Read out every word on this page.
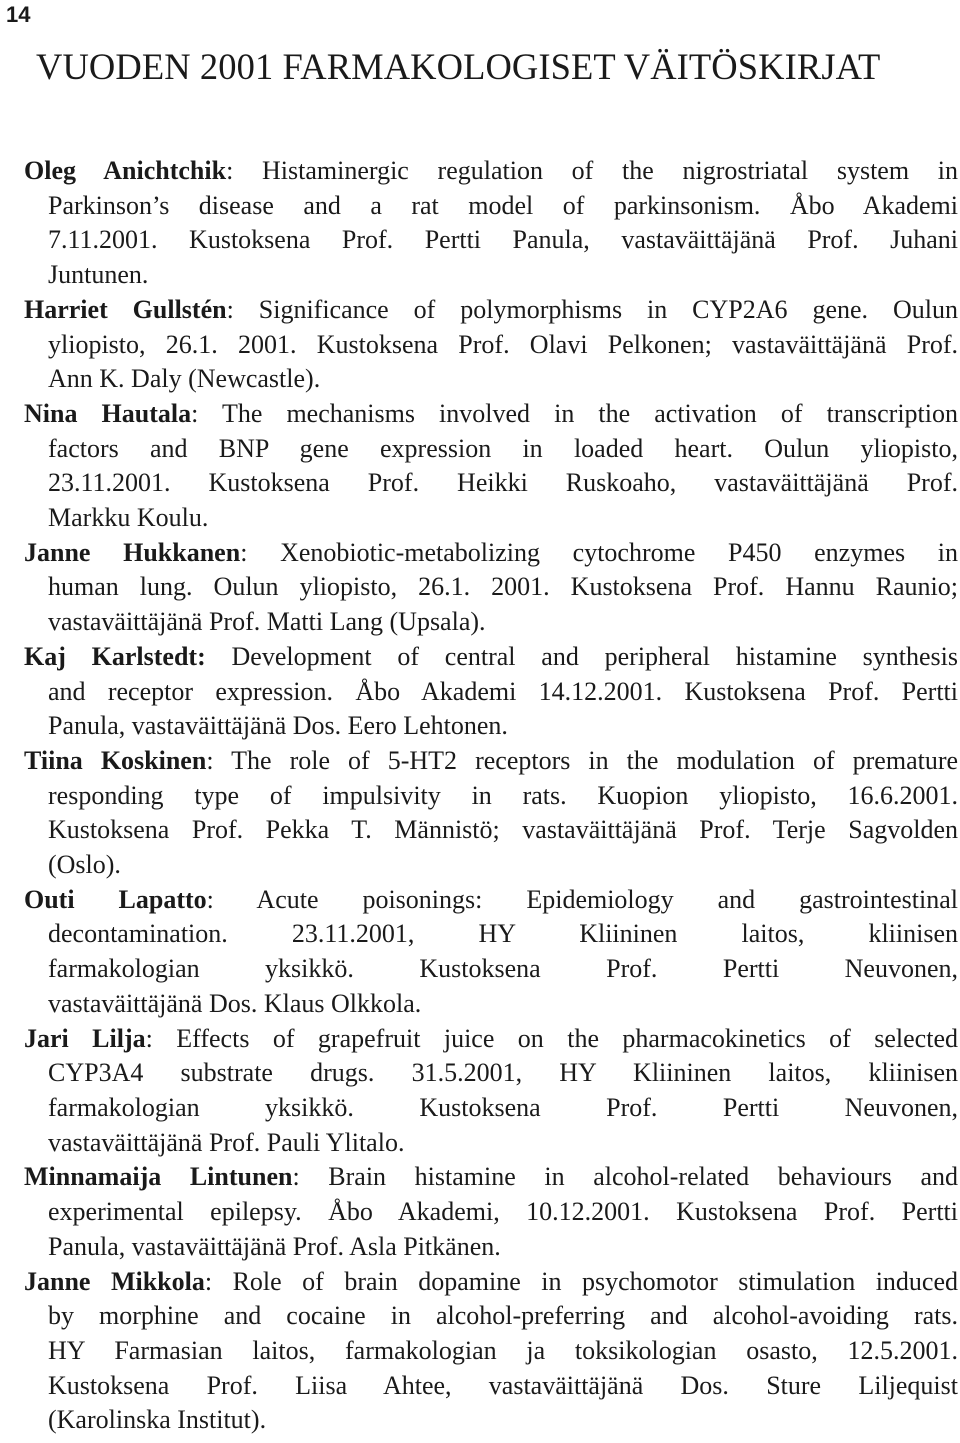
14
VUODEN 2001 FARMAKOLOGISET VÄITÖSKIRJAT
Oleg Anichtchik: Histaminergic regulation of the nigrostriatal system in
Parkinson’s disease and a rat model of parkinsonism. Åbo Akademi
7.11.2001. Kustoksena Prof. Pertti Panula, vastaväittäjänä Prof. Juhani
Juntunen.
Harriet Gullstén: Significance of polymorphisms in CYP2A6 gene. Oulun
yliopisto, 26.1. 2001. Kustoksena Prof. Olavi Pelkonen; vastaväittäjänä Prof.
Ann K. Daly (Newcastle).
Nina Hautala: The mechanisms involved in the activation of transcription
factors and BNP gene expression in loaded heart. Oulun yliopisto,
23.11.2001. Kustoksena Prof. Heikki Ruskoaho, vastaväittäjänä Prof.
Markku Koulu.
Janne Hukkanen: Xenobiotic-metabolizing cytochrome P450 enzymes in
human lung. Oulun yliopisto, 26.1. 2001. Kustoksena Prof. Hannu Raunio;
vastaväittäjänä Prof. Matti Lang (Upsala).
Kaj Karlstedt: Development of central and peripheral histamine synthesis
and receptor expression. Åbo Akademi 14.12.2001. Kustoksena Prof. Pertti
Panula, vastaväittäjänä Dos. Eero Lehtonen.
Tiina Koskinen: The role of 5-HT2 receptors in the modulation of premature
responding type of impulsivity in rats. Kuopion yliopisto, 16.6.2001.
Kustoksena Prof. Pekka T. Männistö; vastaväittäjänä Prof. Terje Sagvolden
(Oslo).
Outi Lapatto: Acute poisonings: Epidemiology and gastrointestinal
decontamination. 23.11.2001, HY Kliininen laitos, kliinisen
farmakologian yksikkö. Kustoksena Prof. Pertti Neuvonen,
vastaväittäjänä Dos. Klaus Olkkola.
Jari Lilja: Effects of grapefruit juice on the pharmacokinetics of selected
CYP3A4 substrate drugs. 31.5.2001, HY Kliininen laitos, kliinisen
farmakologian yksikkö. Kustoksena Prof. Pertti Neuvonen,
vastaväittäjänä Prof. Pauli Ylitalo.
Minnamaija Lintunen: Brain histamine in alcohol-related behaviours and
experimental epilepsy. Åbo Akademi, 10.12.2001. Kustoksena Prof. Pertti
Panula, vastaväittäjänä Prof. Asla Pitkänen.
Janne Mikkola: Role of brain dopamine in psychomotor stimulation induced
by morphine and cocaine in alcohol-preferring and alcohol-avoiding rats.
HY Farmasian laitos, farmakologian ja toksikologian osasto, 12.5.2001.
Kustoksena Prof. Liisa Ahtee, vastaväittäjänä Dos. Sture Liljequist
(Karolinska Institut).
